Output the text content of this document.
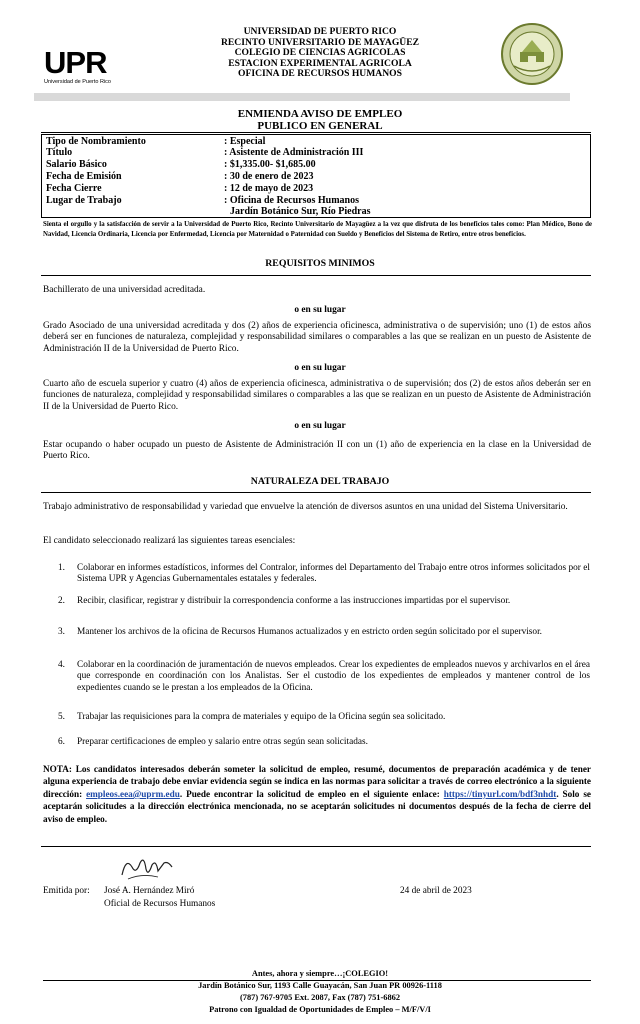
UPR
Universidad de Puerto Rico
UNIVERSIDAD DE PUERTO RICO
RECINTO UNIVERSITARIO DE MAYAGÜEZ
COLEGIO DE CIENCIAS AGRICOLAS
ESTACION EXPERIMENTAL AGRICOLA
OFICINA DE RECURSOS HUMANOS
ENMIENDA AVISO DE EMPLEO
PUBLICO EN GENERAL
Tipo de Nombramiento	: Especial
Título	: Asistente de Administración III
Salario Básico	: $1,335.00- $1,685.00
Fecha de Emisión	: 30 de enero de 2023
Fecha Cierre	: 12 de mayo de 2023
Lugar de Trabajo	: Oficina de Recursos Humanos
Jardín Botánico Sur, Río Piedras
Sienta el orgullo y la satisfacción de servir a la Universidad de Puerto Rico, Recinto Universitario de Mayagüez a la vez que disfruta de los beneficios tales como: Plan Médico, Bono de Navidad, Licencia Ordinaria, Licencia por Enfermedad, Licencia por Maternidad o Paternidad con Sueldo y Beneficios del Sistema de Retiro, entre otros beneficios.
REQUISITOS MINIMOS
Bachillerato de una universidad acreditada.
o en su lugar
Grado Asociado de una universidad acreditada y dos (2) años de experiencia oficinesca, administrativa o de supervisión; uno (1) de estos años deberá ser en funciones de naturaleza, complejidad y responsabilidad similares o comparables a las que se realizan en un puesto de Asistente de Administración II de la Universidad de Puerto Rico.
o en su lugar
Cuarto año de escuela superior y cuatro (4) años de experiencia oficinesca, administrativa o de supervisión; dos (2) de estos años deberán ser en funciones de naturaleza, complejidad y responsabilidad similares o comparables a las que se realizan en un puesto de Asistente de Administración II de la Universidad de Puerto Rico.
o en su lugar
Estar ocupando o haber ocupado un puesto de Asistente de Administración II con un (1) año de experiencia en la clase en la Universidad de Puerto Rico.
NATURALEZA DEL TRABAJO
Trabajo administrativo de responsabilidad y variedad que envuelve la atención de diversos asuntos en una unidad del Sistema Universitario.
El candidato seleccionado realizará las siguientes tareas esenciales:
1. Colaborar en informes estadísticos, informes del Contralor, informes del Departamento del Trabajo entre otros informes solicitados por el Sistema UPR y Agencias Gubernamentales estatales y federales.
2. Recibir, clasificar, registrar y distribuir la correspondencia conforme a las instrucciones impartidas por el supervisor.
3. Mantener los archivos de la oficina de Recursos Humanos actualizados y en estricto orden según solicitado por el supervisor.
4. Colaborar en la coordinación de juramentación de nuevos empleados. Crear los expedientes de empleados nuevos y archivarlos en el área que corresponde en coordinación con los Analistas. Ser el custodio de los expedientes de empleados y mantener control de los expedientes cuando se le prestan a los empleados de la Oficina.
5. Trabajar las requisiciones para la compra de materiales y equipo de la Oficina según sea solicitado.
6. Preparar certificaciones de empleo y salario entre otras según sean solicitadas.
NOTA: Los candidatos interesados deberán someter la solicitud de empleo, resumé, documentos de preparación académica y de tener alguna experiencia de trabajo debe enviar evidencia según se indica en las normas para solicitar a través de correo electrónico a la siguiente dirección: empleos.eea@uprm.edu. Puede encontrar la solicitud de empleo en el siguiente enlace: https://tinyurl.com/bdf3nhdt. Solo se aceptarán solicitudes a la dirección electrónica mencionada, no se aceptarán solicitudes ni documentos después de la fecha de cierre del aviso de empleo.
Emitida por: José A. Hernández Miró
Oficial de Recursos Humanos
24 de abril de 2023
Antes, ahora y siempre…¡COLEGIO!
Jardín Botánico Sur, 1193 Calle Guayacán, San Juan PR 00926-1118
(787) 767-9705 Ext. 2087, Fax (787) 751-6862
Patrono con Igualdad de Oportunidades de Empleo – M/F/V/I
